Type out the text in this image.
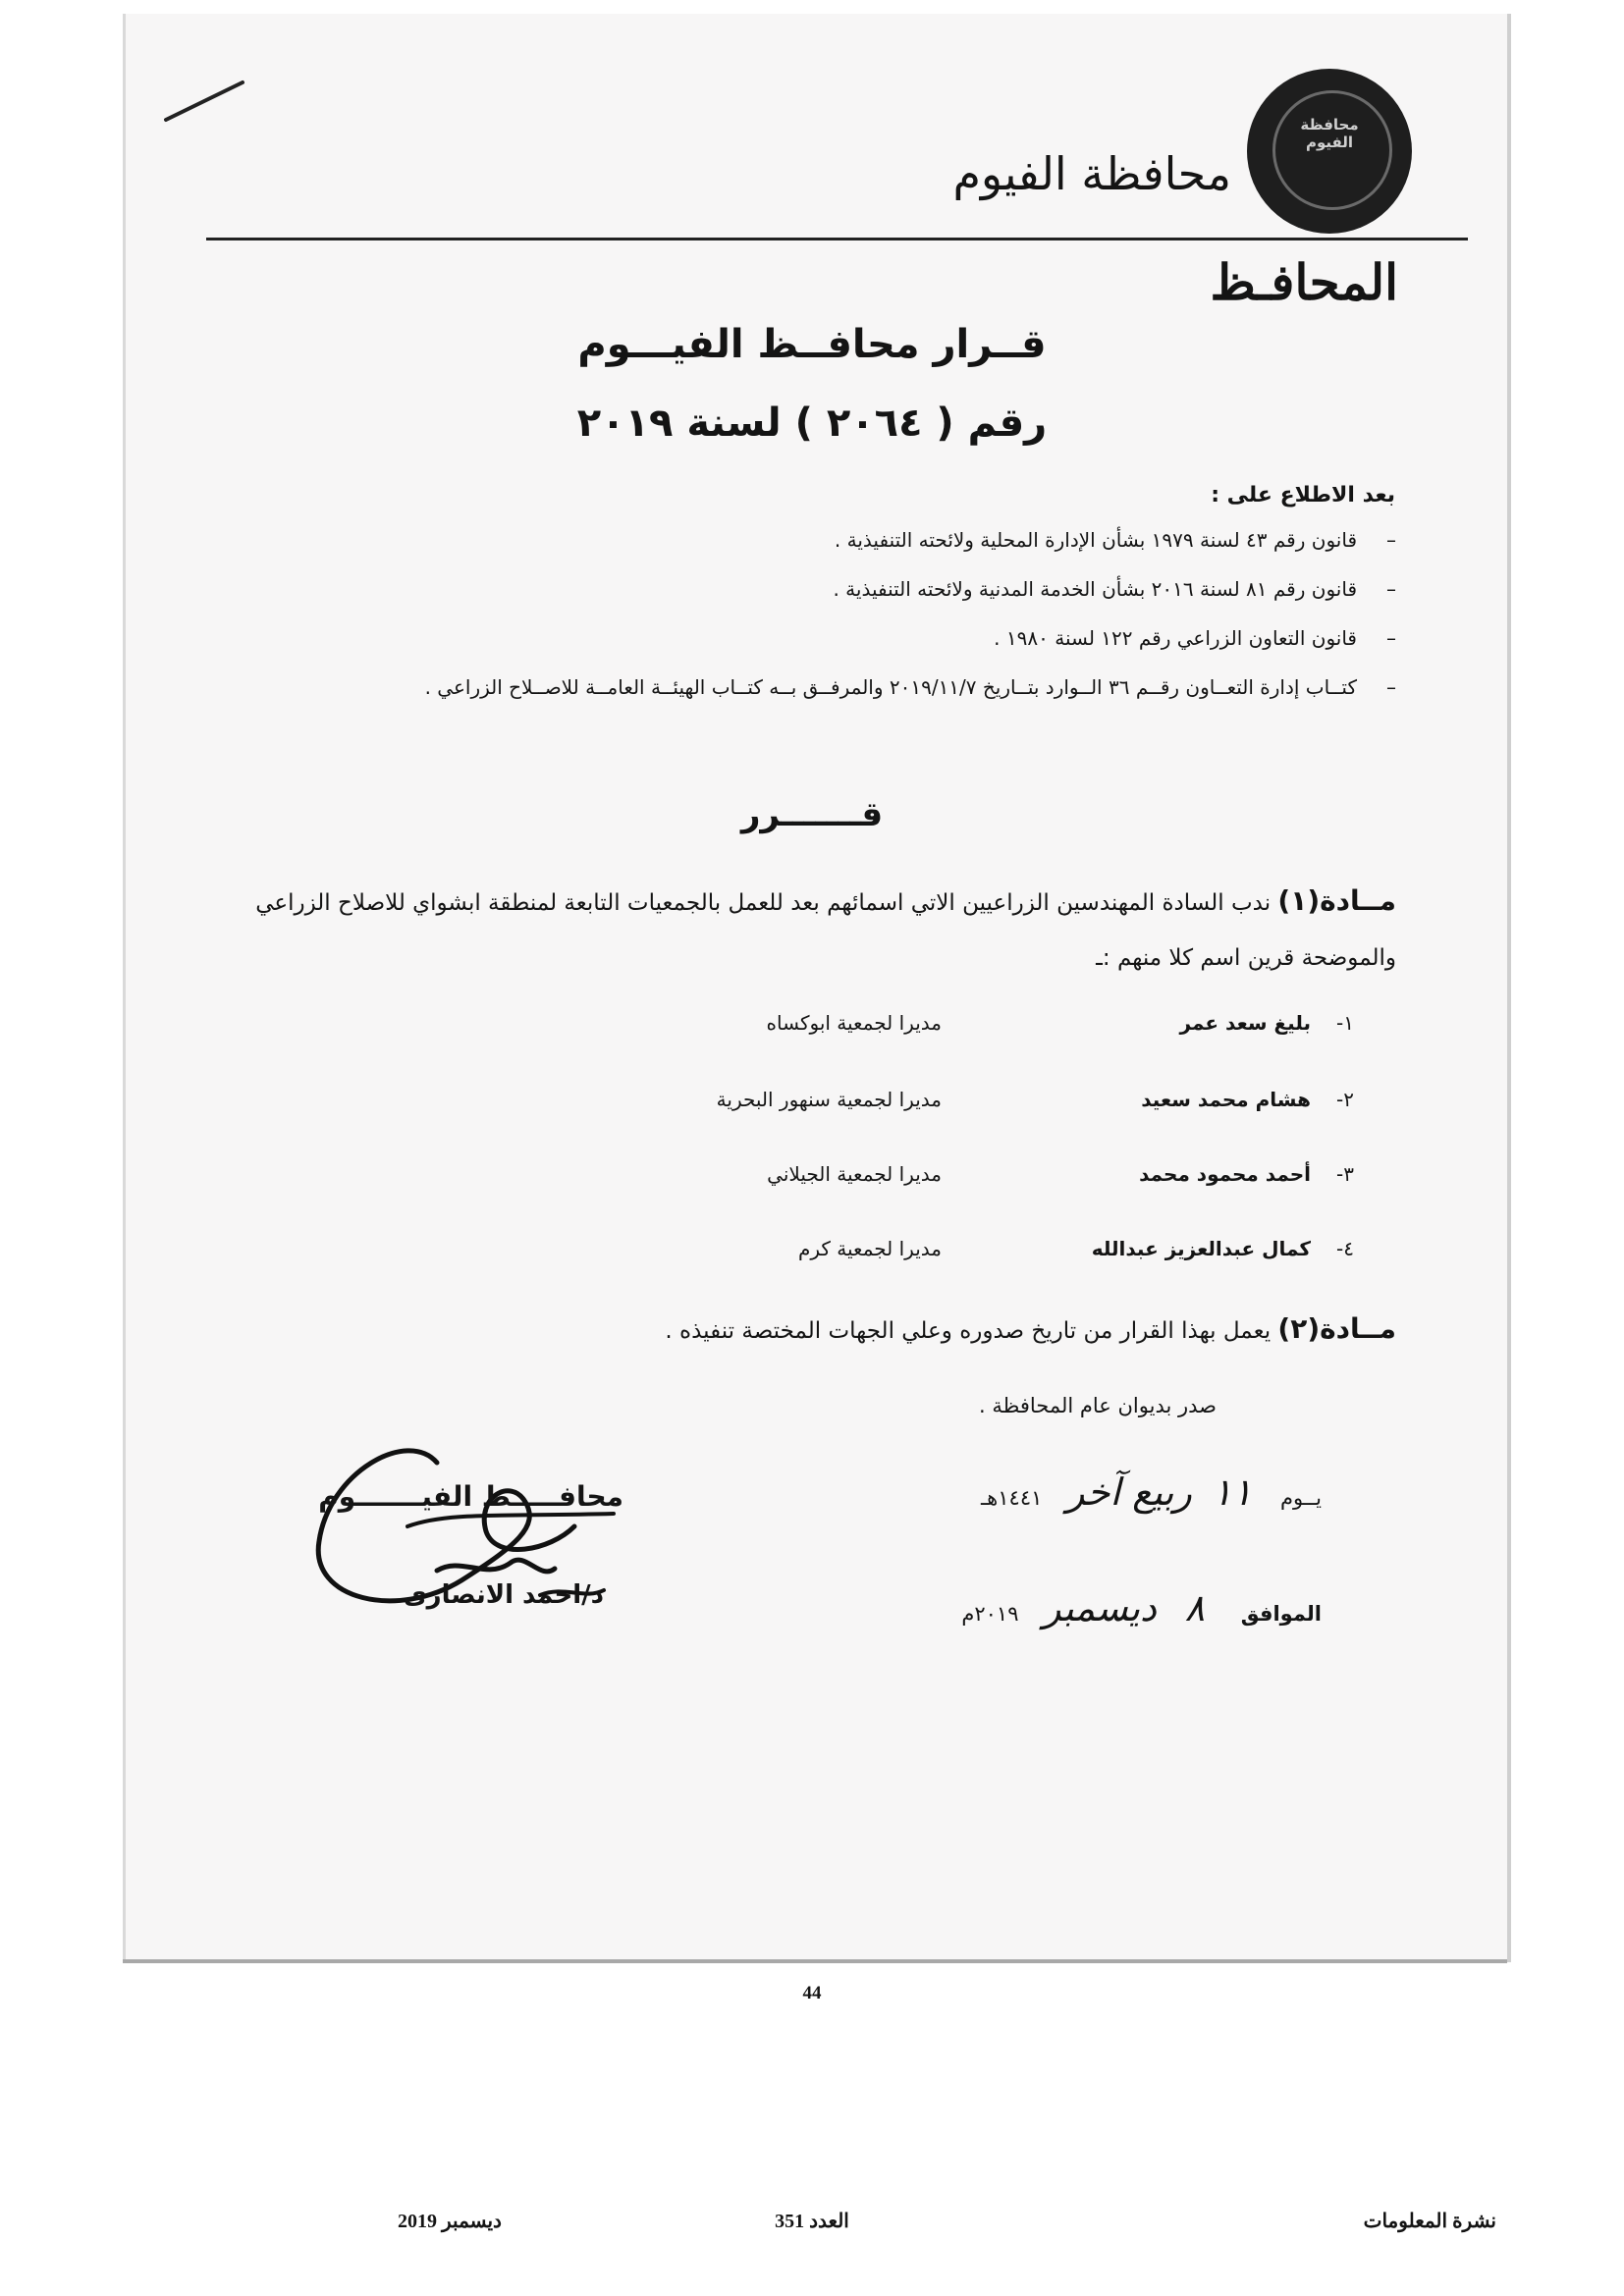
محافظة الفيوم
محافظة الفيوم
المحافـظ
قــرار محافــظ الفيـــوم
رقم ( ٢٠٦٤ ) لسنة ٢٠١٩
بعد الاطلاع على :
–
قانون رقم ٤٣ لسنة ١٩٧٩ بشأن الإدارة المحلية ولائحته التنفيذية .
–
قانون رقم ٨١ لسنة ٢٠١٦ بشأن الخدمة المدنية ولائحته التنفيذية .
–
قانون التعاون الزراعي رقم ١٢٢ لسنة ١٩٨٠ .
–
كتــاب إدارة التعــاون رقــم ٣٦ الــوارد بتــاريخ ٢٠١٩/١١/٧ والمرفــق بــه كتــاب الهيئــة العامــة للاصــلاح الزراعي .
قـــــــرر
مــادة(١) ندب السادة المهندسين الزراعيين الاتي اسمائهم بعد للعمل بالجمعيات التابعة لمنطقة ابشواي للاصلاح الزراعي والموضحة قرين اسم كلا منهم :ـ
١-
بليغ سعد عمر
مديرا لجمعية ابوكساه
٢-
هشام محمد سعيد
مديرا لجمعية سنهور البحرية
٣-
أحمد محمود محمد
مديرا لجمعية الجيلاني
٤-
كمال عبدالعزيز عبدالله
مديرا لجمعية كرم
مــادة(٢) يعمل بهذا القرار من تاريخ صدوره وعلي الجهات المختصة تنفيذه .
صدر بديوان عام المحافظة .
يــوم ١١ ربيع آخر ١٤٤١هـ
الموافق ٨ ديسمبر ٢٠١٩م
محافـــــظ الفيـــــــوم
د/احمد الانصارى
44
نشرة المعلومات
العدد 351
ديسمبر 2019
